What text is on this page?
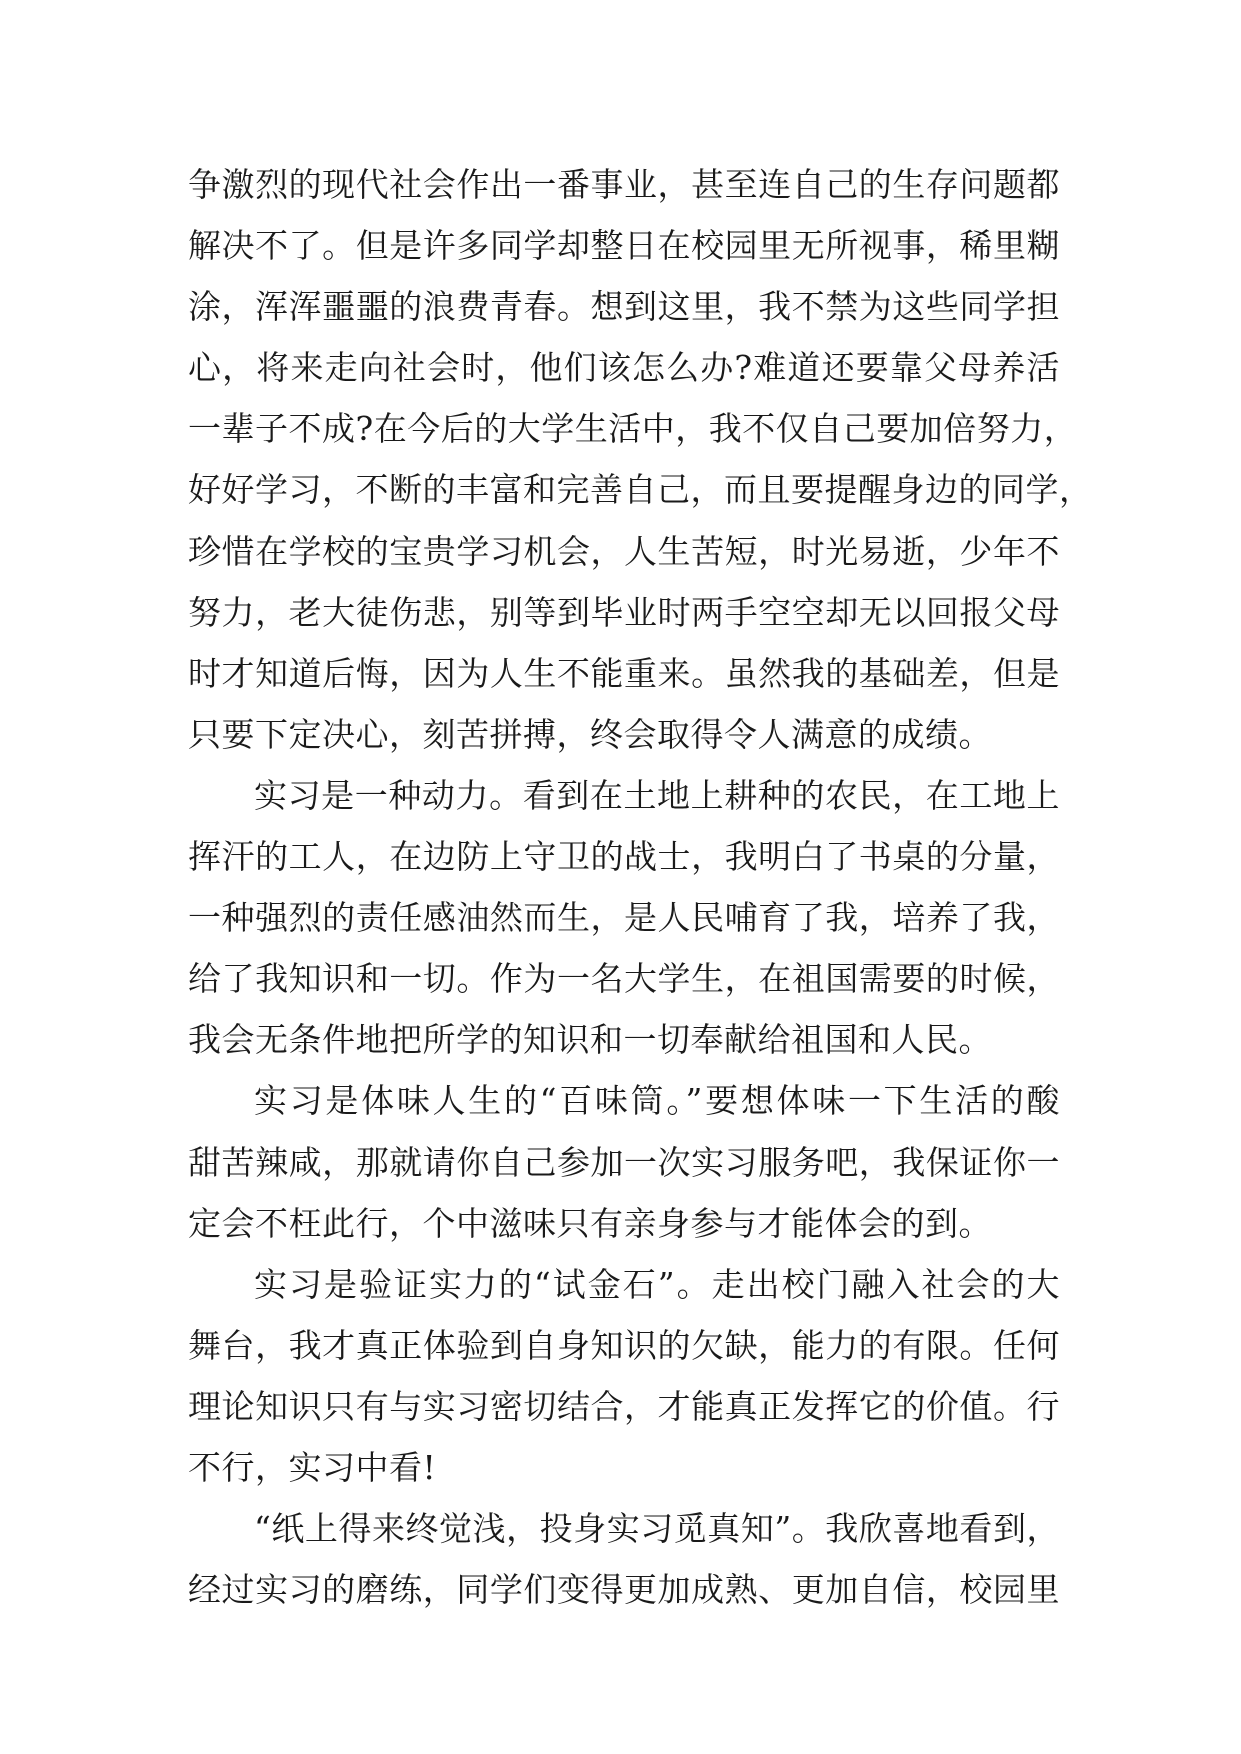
争激烈的现代社会作出一番事业，甚至连自己的生存问题都
解决不了。但是许多同学却整日在校园里无所视事，稀里糊
涂，浑浑噩噩的浪费青春。想到这里，我不禁为这些同学担
心，将来走向社会时，他们该怎么办?难道还要靠父母养活
一辈子不成?在今后的大学生活中，我不仅自己要加倍努力，
好好学习，不断的丰富和完善自己，而且要提醒身边的同学，
珍惜在学校的宝贵学习机会，人生苦短，时光易逝，少年不
努力，老大徒伤悲，别等到毕业时两手空空却无以回报父母
时才知道后悔，因为人生不能重来。虽然我的基础差，但是
只要下定决心，刻苦拼搏，终会取得令人满意的成绩。
实习是一种动力。看到在土地上耕种的农民，在工地上
挥汗的工人，在边防上守卫的战士，我明白了书桌的分量，
一种强烈的责任感油然而生，是人民哺育了我，培养了我，
给了我知识和一切。作为一名大学生，在祖国需要的时候，
我会无条件地把所学的知识和一切奉献给祖国和人民。
实习是体味人生的“百味筒。”要想体味一下生活的酸
甜苦辣咸，那就请你自己参加一次实习服务吧，我保证你一
定会不枉此行，个中滋味只有亲身参与才能体会的到。
实习是验证实力的“试金石”。走出校门融入社会的大
舞台，我才真正体验到自身知识的欠缺，能力的有限。任何
理论知识只有与实习密切结合，才能真正发挥它的价值。行
不行，实习中看!
“纸上得来终觉浅，投身实习觅真知”。我欣喜地看到，
经过实习的磨练，同学们变得更加成熟、更加自信，校园里
